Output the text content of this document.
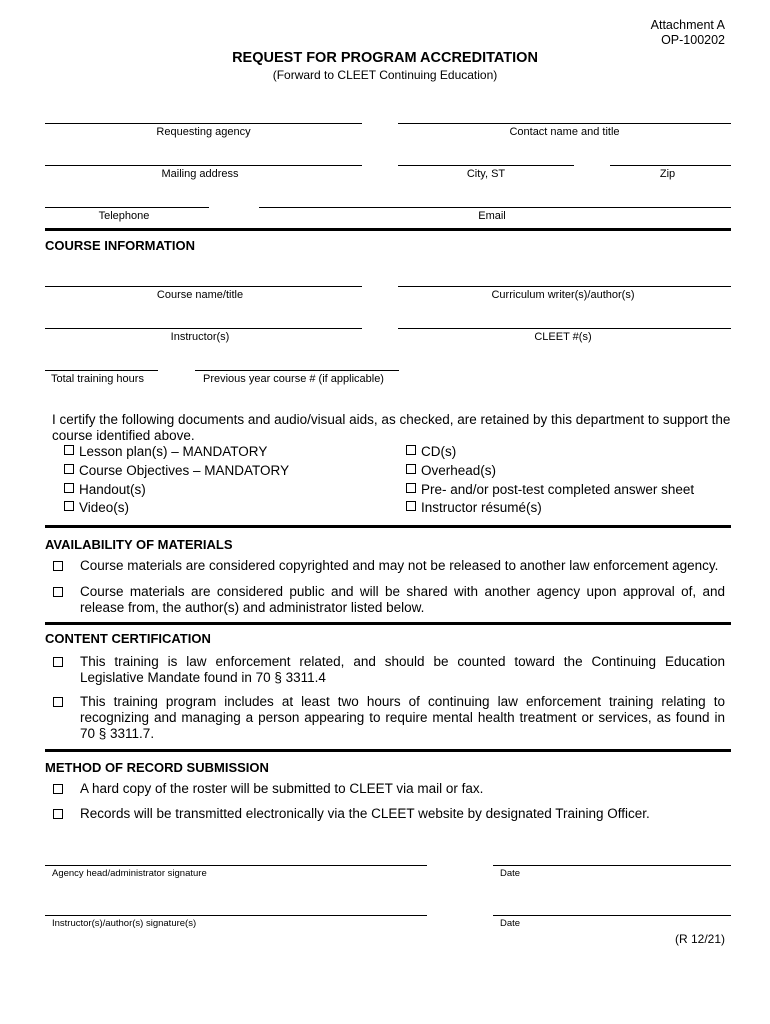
Attachment A
OP-100202
REQUEST FOR PROGRAM ACCREDITATION
(Forward to CLEET Continuing Education)
Requesting agency	Contact name and title
Mailing address	City, ST	Zip
Telephone	Email
COURSE INFORMATION
Course name/title	Curriculum writer(s)/author(s)
Instructor(s)	CLEET #(s)
Total training hours	Previous year course # (if applicable)
I certify the following documents and audio/visual aids, as checked, are retained by this department to support the course identified above.
Lesson plan(s) – MANDATORY
Course Objectives – MANDATORY
Handout(s)
Video(s)
CD(s)
Overhead(s)
Pre- and/or post-test completed answer sheet
Instructor résumé(s)
AVAILABILITY OF MATERIALS
Course materials are considered copyrighted and may not be released to another law enforcement agency.
Course materials are considered public and will be shared with another agency upon approval of, and release from, the author(s) and administrator listed below.
CONTENT CERTIFICATION
This training is law enforcement related, and should be counted toward the Continuing Education Legislative Mandate found in 70 § 3311.4
This training program includes at least two hours of continuing law enforcement training relating to recognizing and managing a person appearing to require mental health treatment or services, as found in 70 § 3311.7.
METHOD OF RECORD SUBMISSION
A hard copy of the roster will be submitted to CLEET via mail or fax.
Records will be transmitted electronically via the CLEET website by designated Training Officer.
Agency head/administrator signature	Date
Instructor(s)/author(s) signature(s)	Date
(R 12/21)
